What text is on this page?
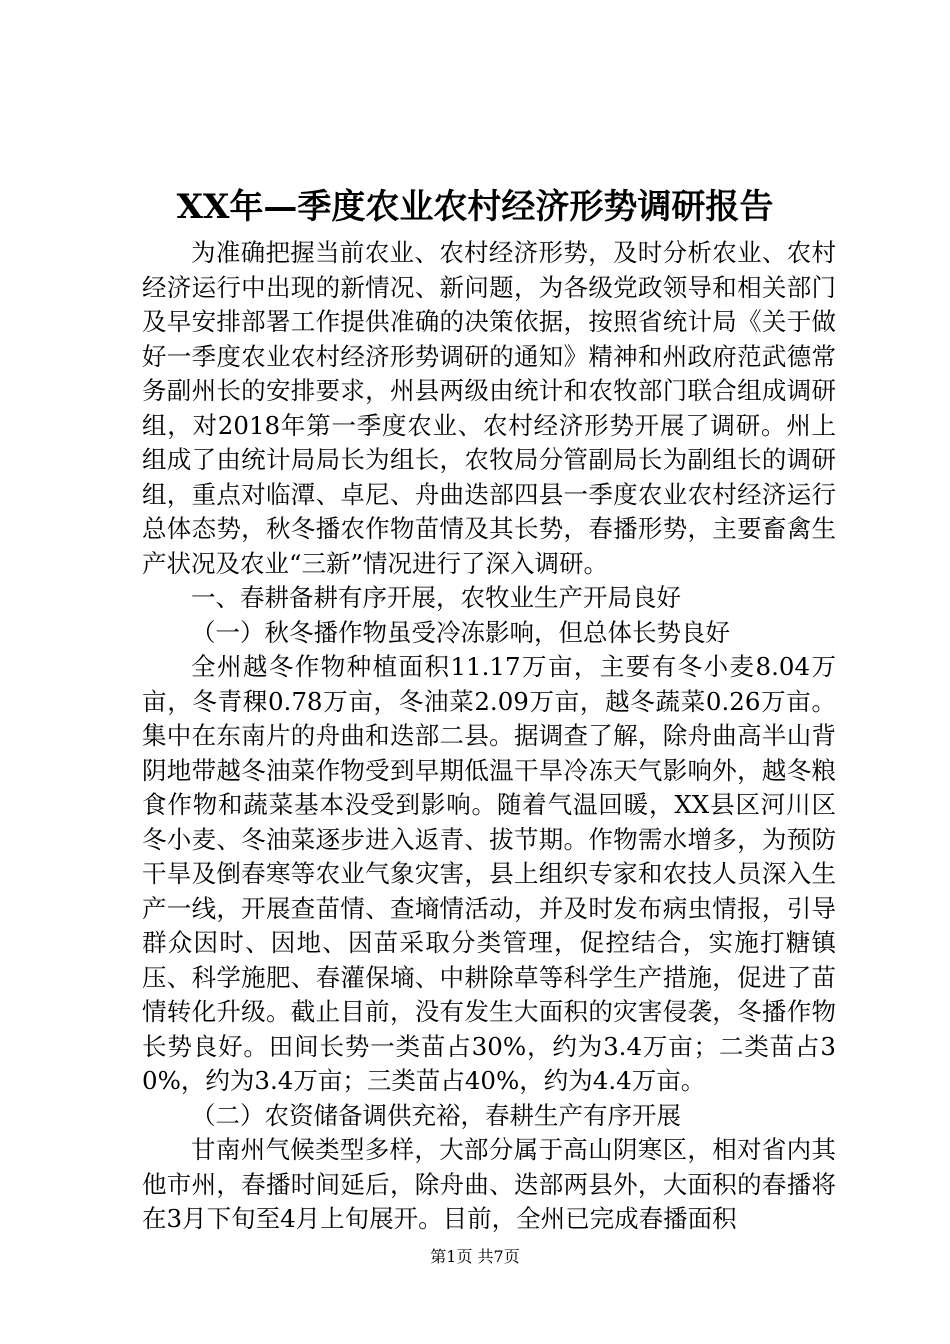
XX年—季度农业农村经济形势调研报告

为准确把握当前农业、农村经济形势，及时分析农业、农村经济运行中出现的新情况、新问题，为各级党政领导和相关部门及早安排部署工作提供准确的决策依据，按照省统计局《关于做好一季度农业农村经济形势调研的通知》精神和州政府范武德常务副州长的安排要求，州县两级由统计和农牧部门联合组成调研组，对2018年第一季度农业、农村经济形势开展了调研。州上组成了由统计局局长为组长，农牧局分管副局长为副组长的调研组，重点对临潭、卓尼、舟曲迭部四县一季度农业农村经济运行总体态势，秋冬播农作物苗情及其长势，春播形势，主要畜禽生产状况及农业“三新”情况进行了深入调研。

一、春耕备耕有序开展，农牧业生产开局良好

（一）秋冬播作物虽受冷冻影响，但总体长势良好

全州越冬作物种植面积11.17万亩，主要有冬小麦8.04万亩，冬青稞0.78万亩，冬油菜2.09万亩，越冬蔬菜0.26万亩。集中在东南片的舟曲和迭部二县。据调查了解，除舟曲高半山背阴地带越冬油菜作物受到早期低温干旱冷冻天气影响外，越冬粮食作物和蔬菜基本没受到影响。随着气温回暖，XX县区河川区冬小麦、冬油菜逐步进入返青、拔节期。作物需水增多，为预防干旱及倒春寒等农业气象灾害，县上组织专家和农技人员深入生产一线，开展查苗情、查墒情活动，并及时发布病虫情报，引导群众因时、因地、因苗采取分类管理，促控结合，实施打糖镇压、科学施肥、春灌保墒、中耕除草等科学生产措施，促进了苗情转化升级。截止目前，没有发生大面积的灾害侵袭，冬播作物长势良好。田间长势一类苗占30%，约为3.4万亩；二类苗占30%，约为3.4万亩；三类苗占40%，约为4.4万亩。

（二）农资储备调供充裕，春耕生产有序开展

甘南州气候类型多样，大部分属于高山阴寒区，相对省内其他市州，春播时间延后，除舟曲、迭部两县外，大面积的春播将在3月下旬至4月上旬展开。目前，全州已完成春播面积

第1页 共7页
